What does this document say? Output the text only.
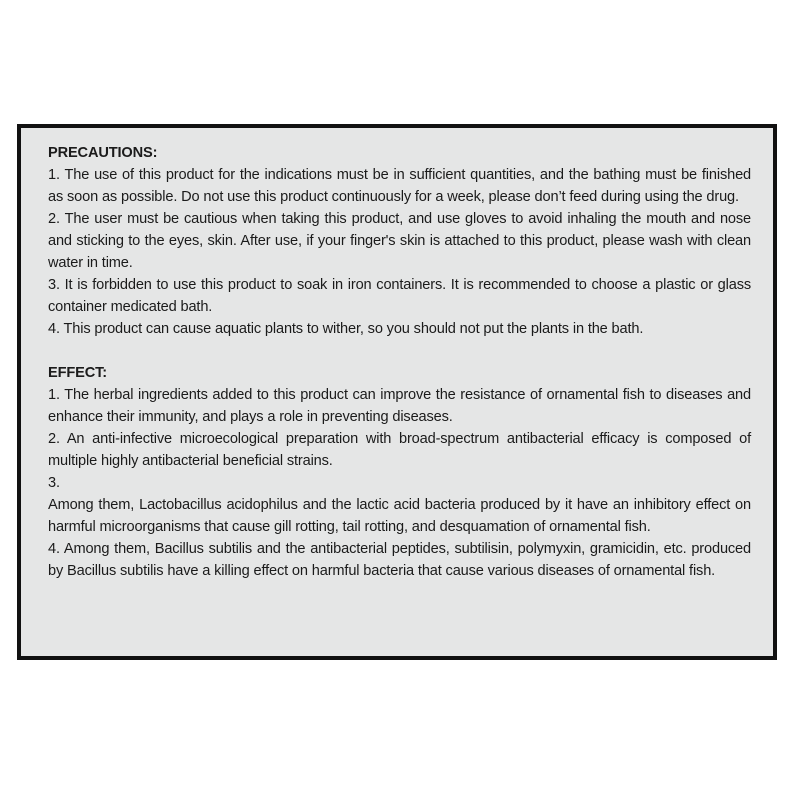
PRECAUTIONS:

1. The use of this product for the indications must be in sufficient quantities, and the bathing must be finished as soon as possible. Do not use this product continuously for a week, please don’t feed during using the drug.

2. The user must be cautious when taking this product, and use gloves to avoid inhaling the mouth and nose and sticking to the eyes, skin. After use, if your finger's skin is attached to this product, please wash with clean water in time.

3. It is forbidden to use this product to soak in iron containers. It is recommended to choose a plastic or glass container medicated bath.

4. This product can cause aquatic plants to wither, so you should not put the plants in the bath.

EFFECT:

1. The herbal ingredients added to this product can improve the resistance of ornamental fish to diseases and enhance their immunity, and plays a role in preventing diseases.

2. An anti-infective microecological preparation with broad-spectrum antibacterial efficacy is composed of multiple highly antibacterial beneficial strains.

3.

Among them, Lactobacillus acidophilus and the lactic acid bacteria produced by it have an inhibitory effect on harmful microorganisms that cause gill rotting, tail rotting, and desquamation of ornamental fish.

4. Among them, Bacillus subtilis and the antibacterial peptides, subtilisin, polymyxin, gramicidin, etc. produced by Bacillus subtilis have a killing effect on harmful bacteria that cause various diseases of ornamental fish.
